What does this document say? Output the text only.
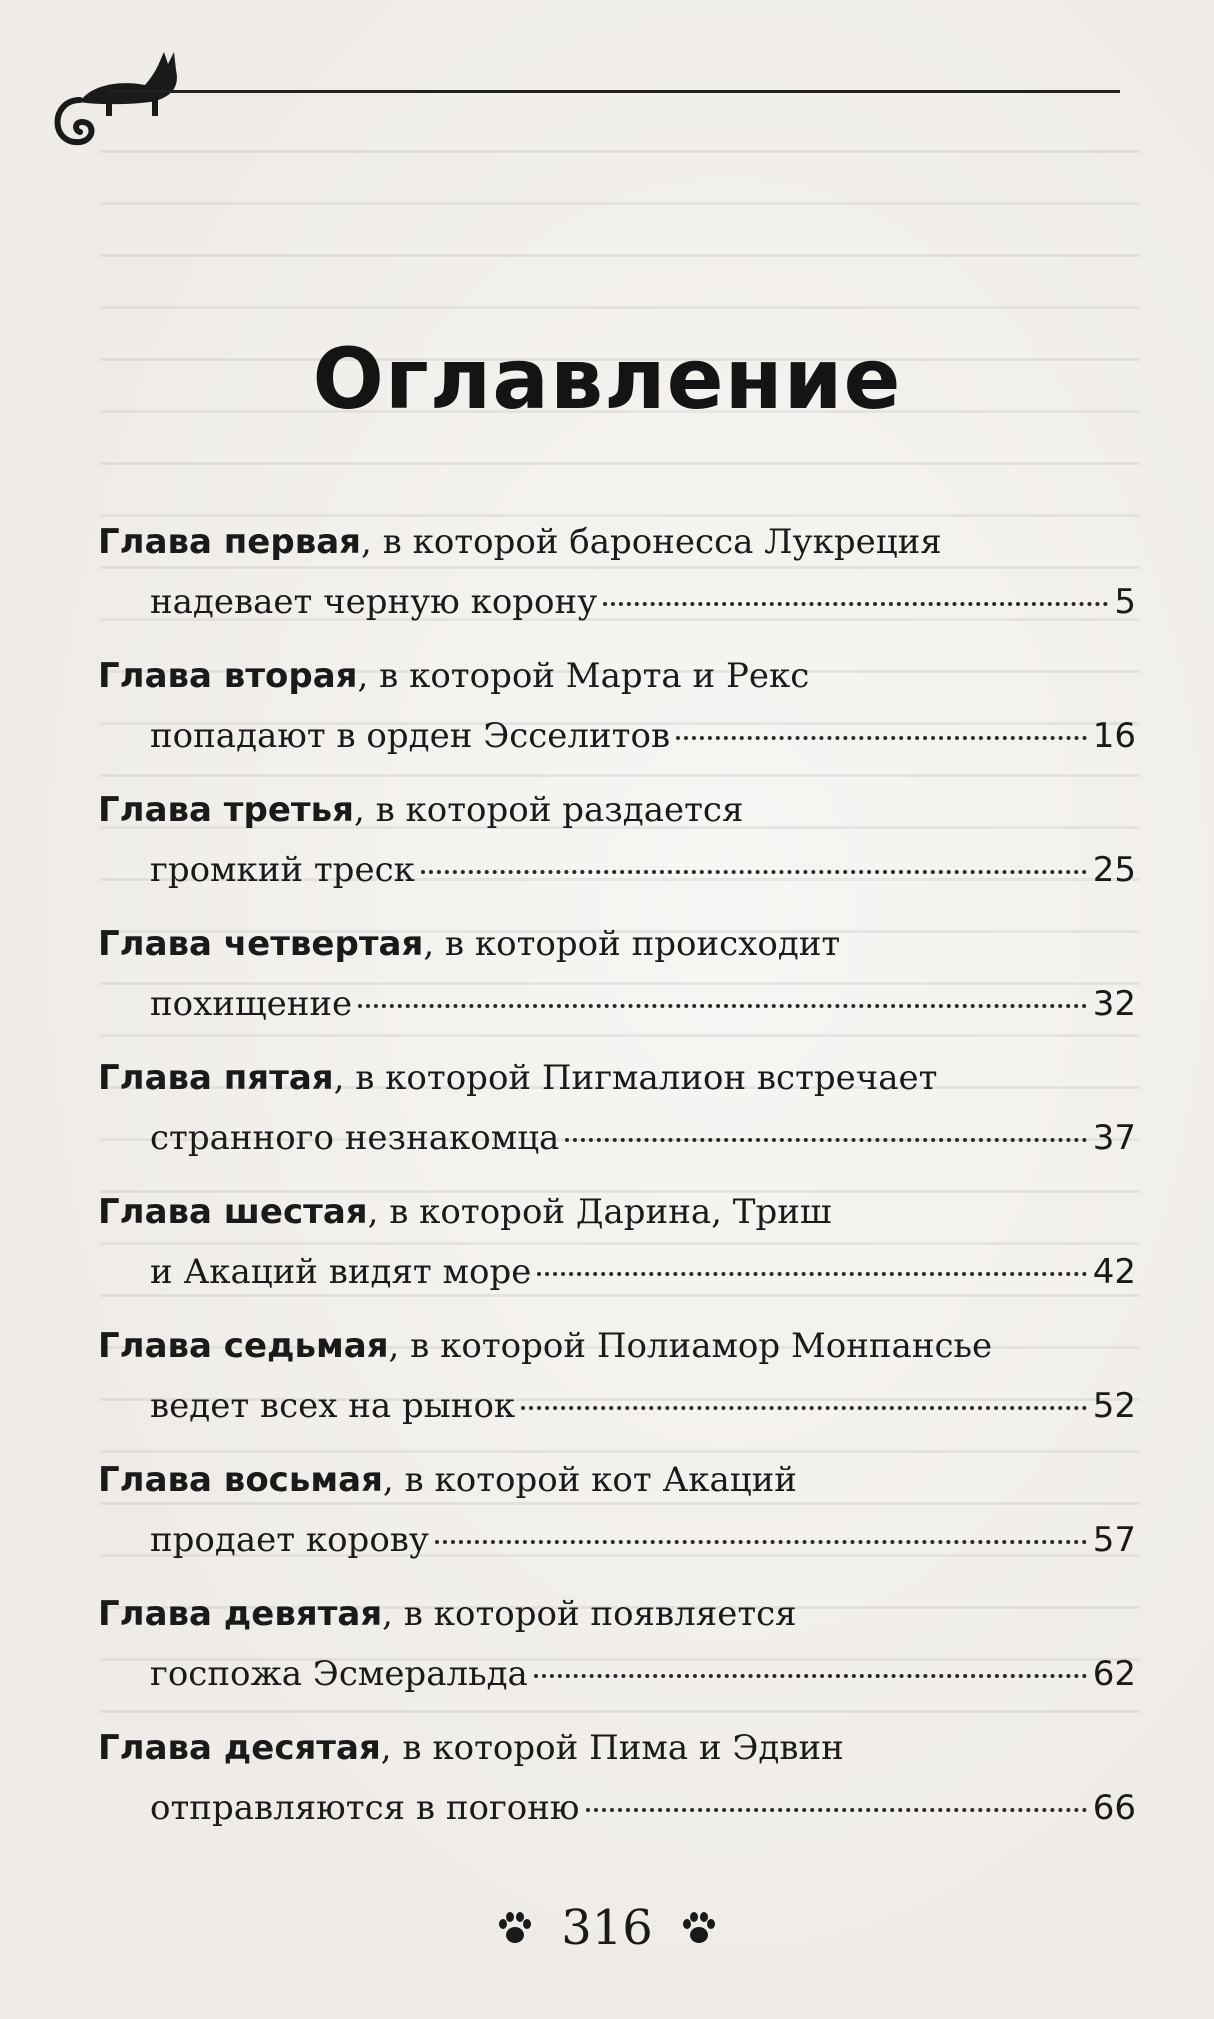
Оглавление
Глава первая, в которой баронесса Лукреция
надевает черную корону	5
Глава вторая, в которой Марта и Рекс
попадают в орден Эсселитов	16
Глава третья, в которой раздается
громкий треск	25
Глава четвертая, в которой происходит
похищение	32
Глава пятая, в которой Пигмалион встречает
странного незнакомца	37
Глава шестая, в которой Дарина, Триш
и Акаций видят море	42
Глава седьмая, в которой Полиамор Монпансье
ведет всех на рынок	52
Глава восьмая, в которой кот Акаций
продает корову	57
Глава девятая, в которой появляется
госпожа Эсмеральда	62
Глава десятая, в которой Пима и Эдвин
отправляются в погоню	66
316
